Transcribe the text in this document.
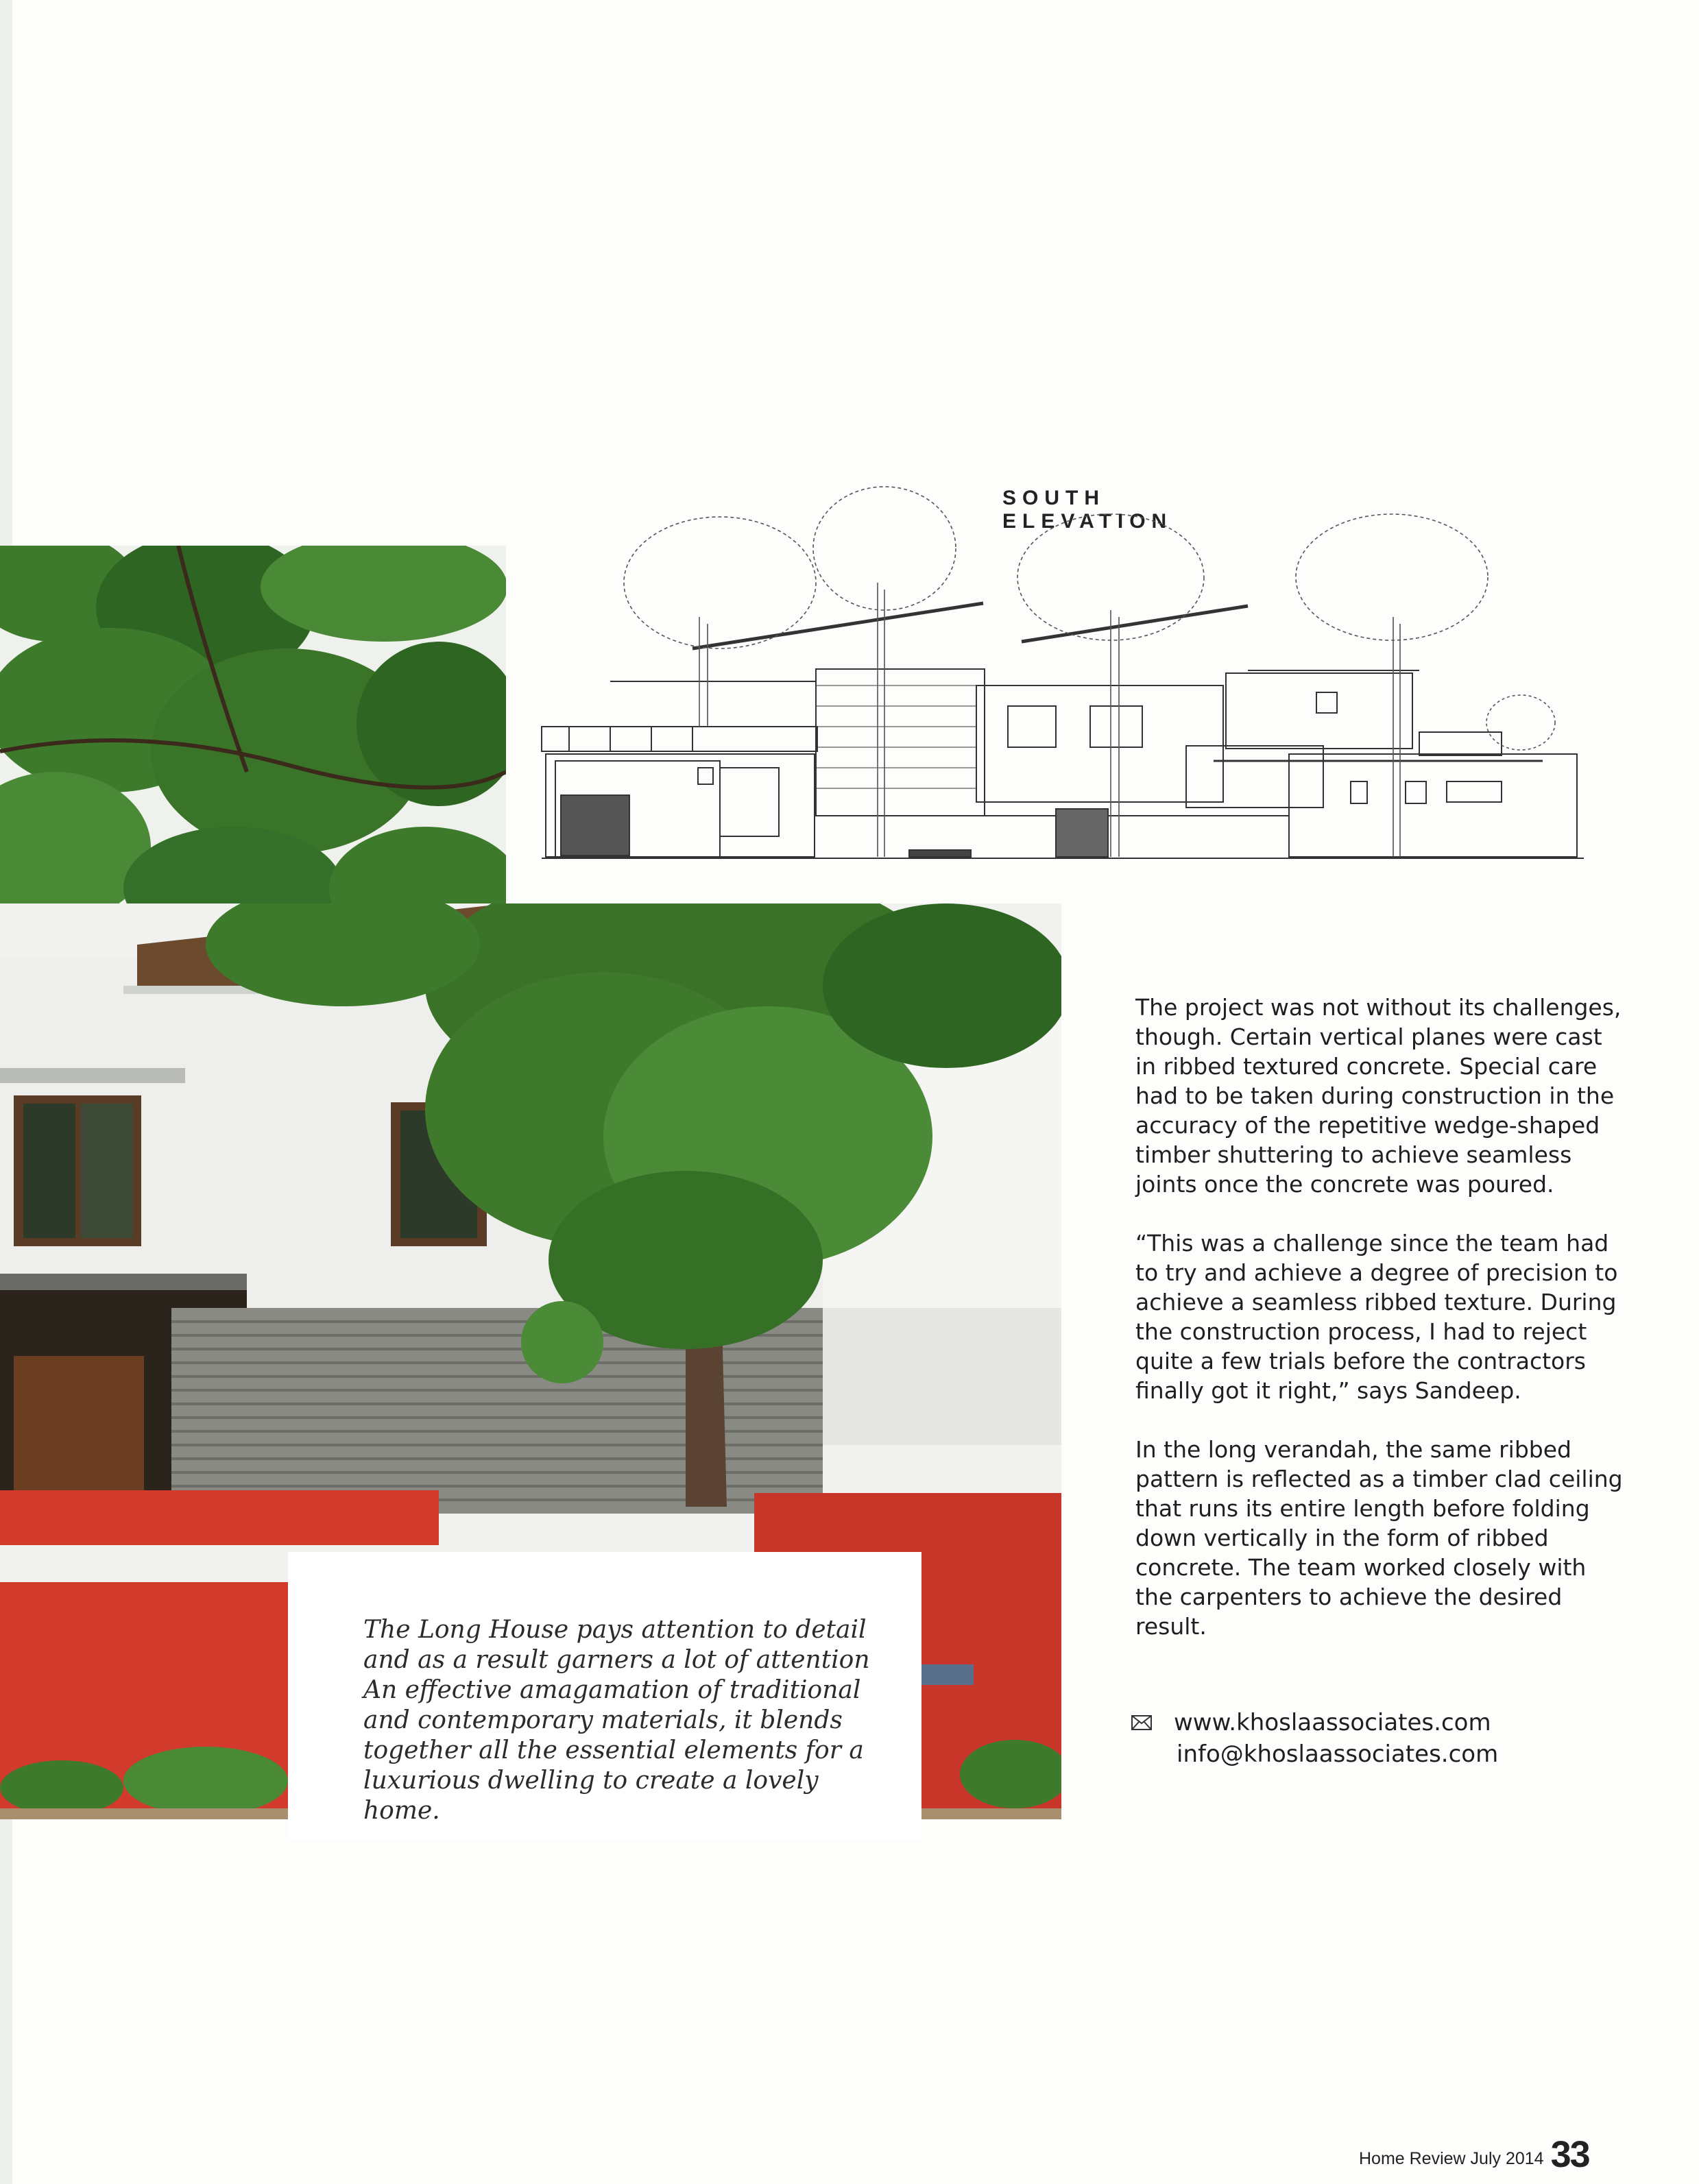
SOUTH ELEVATION

The Long House pays attention to detail and as a result garners a lot of attention An effective amagamation of traditional and contemporary materials, it blends together all the essential elements for a luxurious dwelling to create a lovely home.

The project was not without its challenges, though. Certain vertical planes were cast in ribbed textured concrete. Special care had to be taken during construction in the accuracy of the repetitive wedge-shaped timber shuttering to achieve seamless joints once the concrete was poured.

“This was a challenge since the team had to try and achieve a degree of precision to achieve a seamless ribbed texture. During the construction process, I had to reject quite a few trials before the contractors finally got it right,” says Sandeep.

In the long verandah, the same ribbed pattern is reflected as a timber clad ceiling that runs its entire length before folding down vertically in the form of ribbed concrete. The team worked closely with the carpenters to achieve the desired result.

www.khoslaassociates.com
info@khoslaassociates.com
Home Review July 2014 33
